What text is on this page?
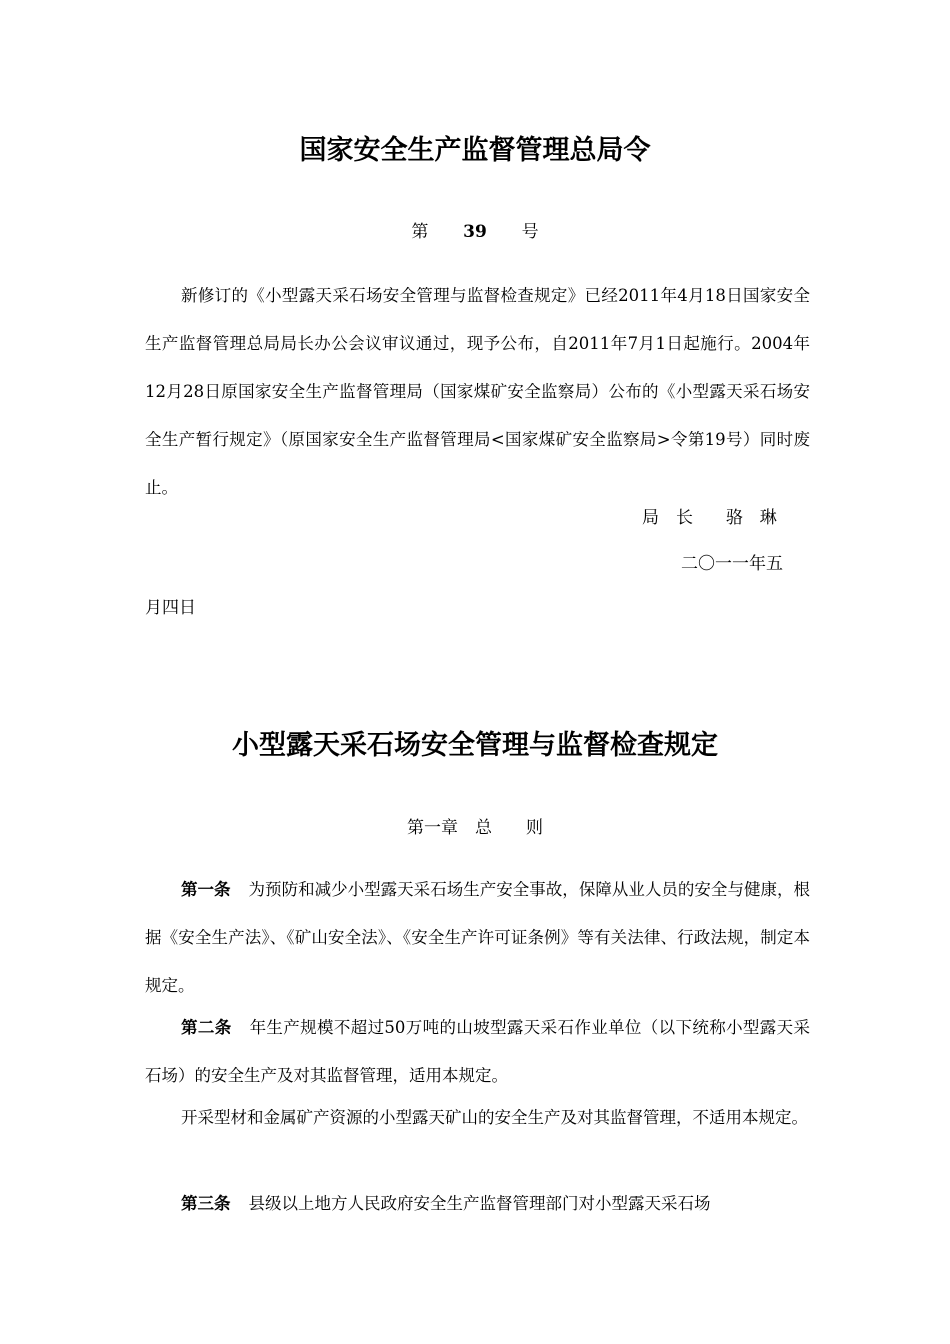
国家安全生产监督管理总局令

第 39 号

新修订的《小型露天采石场安全管理与监督检查规定》已经2011年4月18日国家安全生产监督管理总局局长办公会议审议通过，现予公布，自2011年7月1日起施行。2004年12月28日原国家安全生产监督管理局（国家煤矿安全监察局）公布的《小型露天采石场安全生产暂行规定》（原国家安全生产监督管理局<国家煤矿安全监察局>令第19号）同时废止。

局　长 骆　琳

二〇一一年五

月四日

小型露天采石场安全管理与监督检查规定

第一章　总　　则

第一条 为预防和减少小型露天采石场生产安全事故，保障从业人员的安全与健康，根据《安全生产法》、《矿山安全法》、《安全生产许可证条例》等有关法律、行政法规，制定本规定。

第二条 年生产规模不超过50万吨的山坡型露天采石作业单位（以下统称小型露天采石场）的安全生产及对其监督管理，适用本规定。

开采型材和金属矿产资源的小型露天矿山的安全生产及对其监督管理，不适用本规定。

第三条 县级以上地方人民政府安全生产监督管理部门对小型露天采石场
